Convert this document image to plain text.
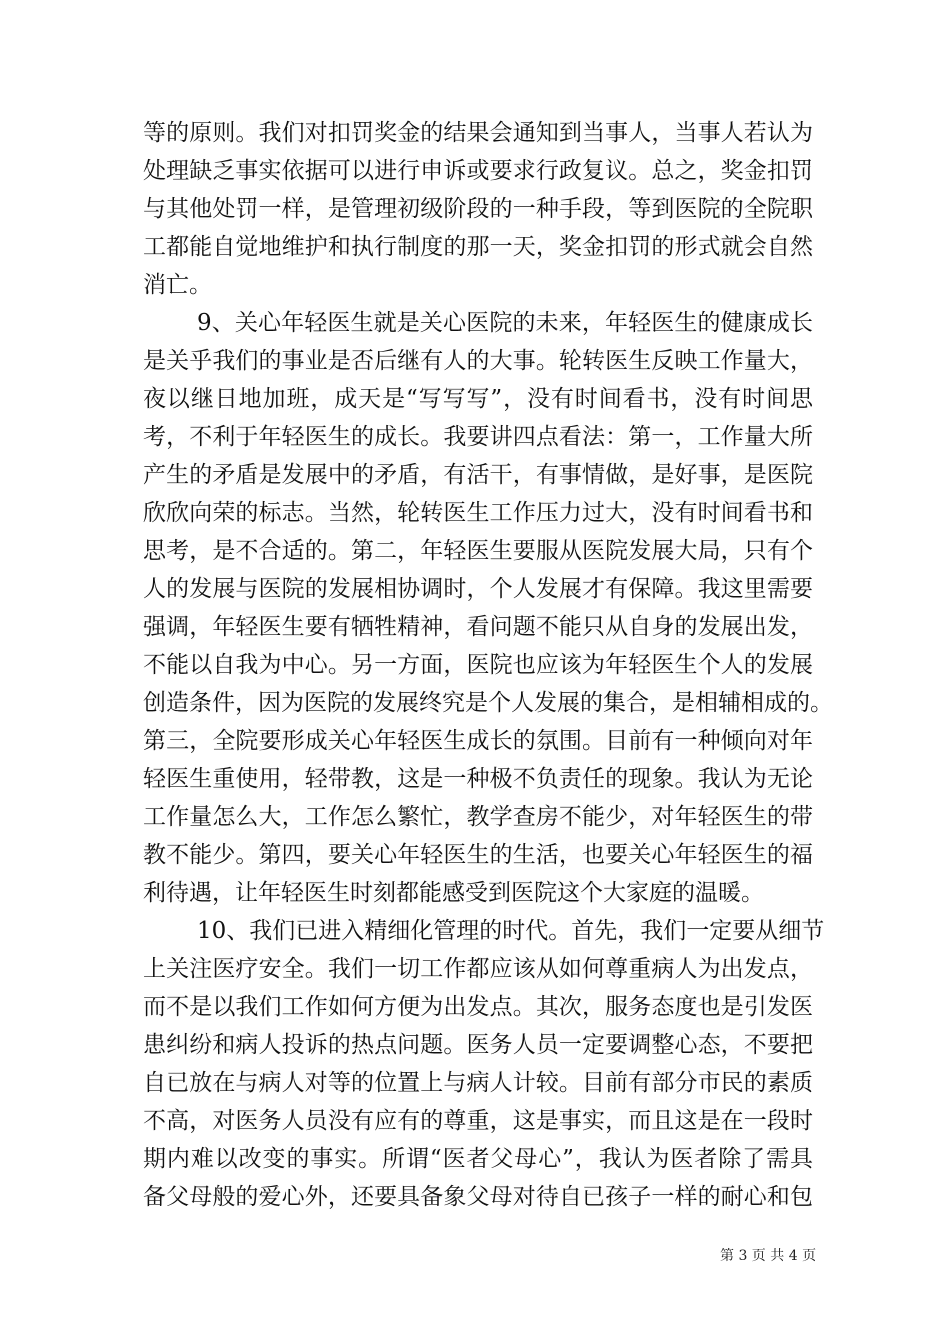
等的原则。我们对扣罚奖金的结果会通知到当事人，当事人若认为
处理缺乏事实依据可以进行申诉或要求行政复议。总之，奖金扣罚
与其他处罚一样，是管理初级阶段的一种手段，等到医院的全院职
工都能自觉地维护和执行制度的那一天，奖金扣罚的形式就会自然
消亡。
9、关心年轻医生就是关心医院的未来，年轻医生的健康成长
是关乎我们的事业是否后继有人的大事。轮转医生反映工作量大，
夜以继日地加班，成天是“写写写”，没有时间看书，没有时间思
考，不利于年轻医生的成长。我要讲四点看法：第一，工作量大所
产生的矛盾是发展中的矛盾，有活干，有事情做，是好事，是医院
欣欣向荣的标志。当然，轮转医生工作压力过大，没有时间看书和
思考，是不合适的。第二，年轻医生要服从医院发展大局，只有个
人的发展与医院的发展相协调时，个人发展才有保障。我这里需要
强调，年轻医生要有牺牲精神，看问题不能只从自身的发展出发，
不能以自我为中心。另一方面，医院也应该为年轻医生个人的发展
创造条件，因为医院的发展终究是个人发展的集合，是相辅相成的。
第三，全院要形成关心年轻医生成长的氛围。目前有一种倾向对年
轻医生重使用，轻带教，这是一种极不负责任的现象。我认为无论
工作量怎么大，工作怎么繁忙，教学查房不能少，对年轻医生的带
教不能少。第四，要关心年轻医生的生活，也要关心年轻医生的福
利待遇，让年轻医生时刻都能感受到医院这个大家庭的温暖。
10、我们已进入精细化管理的时代。首先，我们一定要从细节
上关注医疗安全。我们一切工作都应该从如何尊重病人为出发点，
而不是以我们工作如何方便为出发点。其次，服务态度也是引发医
患纠纷和病人投诉的热点问题。医务人员一定要调整心态，不要把
自已放在与病人对等的位置上与病人计较。目前有部分市民的素质
不高，对医务人员没有应有的尊重，这是事实，而且这是在一段时
期内难以改变的事实。所谓“医者父母心”，我认为医者除了需具
备父母般的爱心外，还要具备象父母对待自已孩子一样的耐心和包
第 3 页 共 4 页
